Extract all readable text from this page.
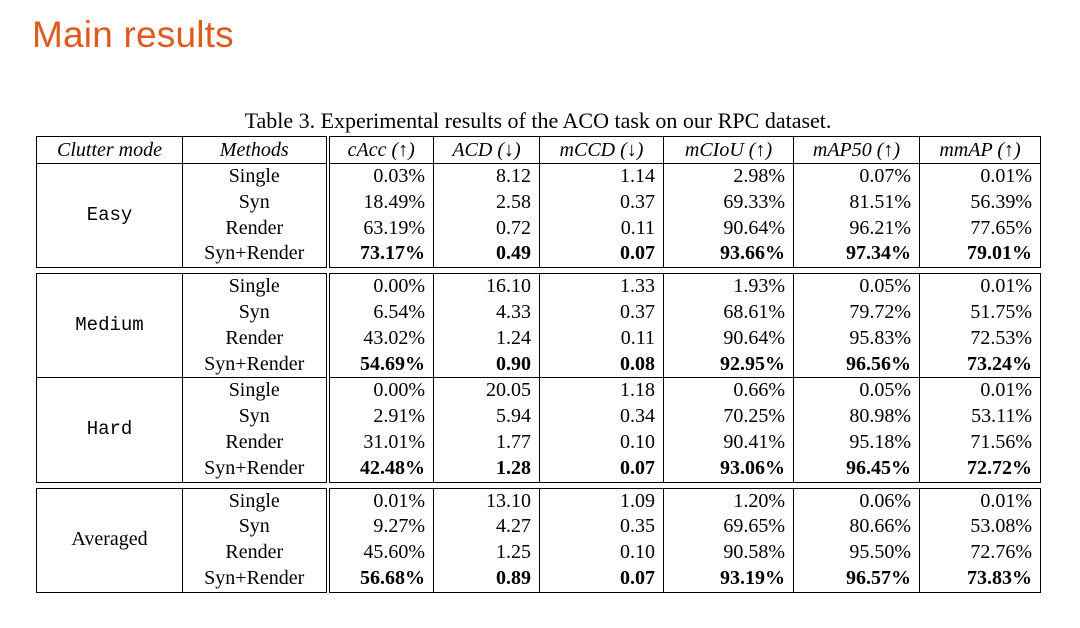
Main results

Table 3. Experimental results of the ACO task on our RPC dataset.

Clutter mode	Methods	cAcc (↑)	ACD (↓)	mCCD (↓)	mCIoU (↑)	mAP50 (↑)	mmAP (↑)
Easy	Single	0.03%	8.12	1.14	2.98%	0.07%	0.01%
	Syn	18.49%	2.58	0.37	69.33%	81.51%	56.39%
	Render	63.19%	0.72	0.11	90.64%	96.21%	77.65%
	Syn+Render	73.17%	0.49	0.07	93.66%	97.34%	79.01%

Medium	Single	0.00%	16.10	1.33	1.93%	0.05%	0.01%
	Syn	6.54%	4.33	0.37	68.61%	79.72%	51.75%
	Render	43.02%	1.24	0.11	90.64%	95.83%	72.53%
	Syn+Render	54.69%	0.90	0.08	92.95%	96.56%	73.24%
Hard	Single	0.00%	20.05	1.18	0.66%	0.05%	0.01%
	Syn	2.91%	5.94	0.34	70.25%	80.98%	53.11%
	Render	31.01%	1.77	0.10	90.41%	95.18%	71.56%
	Syn+Render	42.48%	1.28	0.07	93.06%	96.45%	72.72%

Averaged	Single	0.01%	13.10	1.09	1.20%	0.06%	0.01%
	Syn	9.27%	4.27	0.35	69.65%	80.66%	53.08%
	Render	45.60%	1.25	0.10	90.58%	95.50%	72.76%
	Syn+Render	56.68%	0.89	0.07	93.19%	96.57%	73.83%
